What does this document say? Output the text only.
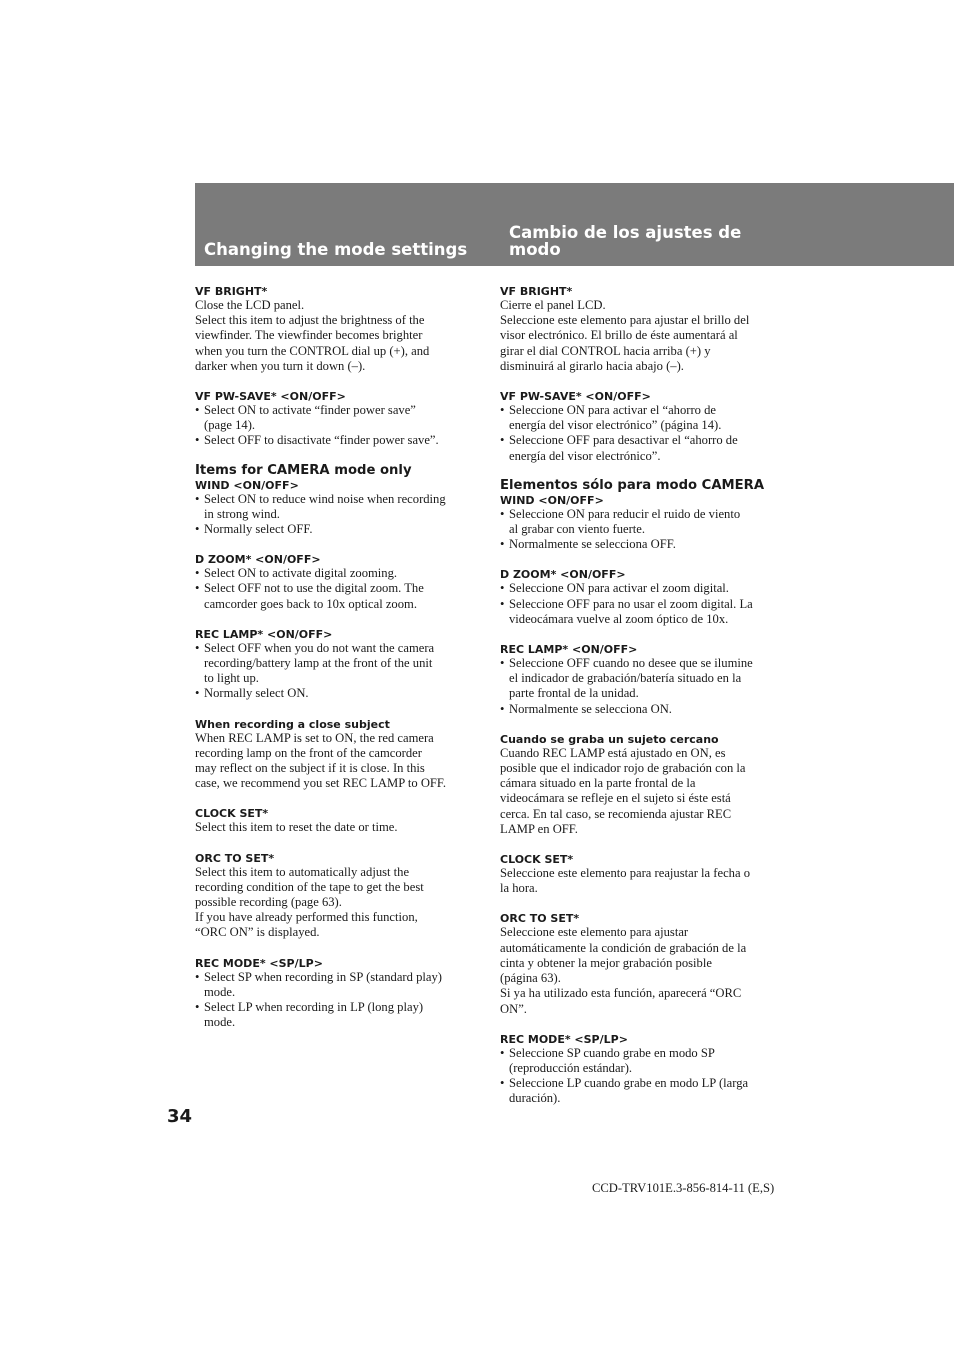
Changing the mode settings
Cambio de los ajustes de
modo

VF BRIGHT*

Close the LCD panel.

Select this item to adjust the brightness of the

viewfinder. The viewfinder becomes brighter

when you turn the CONTROL dial up (+), and

darker when you turn it down (–).

VF PW-SAVE* <ON/OFF>

• Select ON to activate “finder power save”
(page 14).
• Select OFF to disactivate “finder power save”.

Items for CAMERA mode only

WIND <ON/OFF>

• Select ON to reduce wind noise when recording
in strong wind.
• Normally select OFF.

D ZOOM* <ON/OFF>

• Select ON to activate digital zooming.
• Select OFF not to use the digital zoom. The
camcorder goes back to 10x optical zoom.

REC LAMP* <ON/OFF>

• Select OFF when you do not want the camera
recording/battery lamp at the front of the unit
to light up.
• Normally select ON.

When recording a close subject

When REC LAMP is set to ON, the red camera

recording lamp on the front of the camcorder

may reflect on the subject if it is close. In this

case, we recommend you set REC LAMP to OFF.

CLOCK SET*

Select this item to reset the date or time.

ORC TO SET*

Select this item to automatically adjust the

recording condition of the tape to get the best

possible recording (page 63).

If you have already performed this function,

“ORC ON” is displayed.

REC MODE* <SP/LP>

• Select SP when recording in SP (standard play)
mode.
• Select LP when recording in LP (long play)
mode.

VF BRIGHT*

Cierre el panel LCD.

Seleccione este elemento para ajustar el brillo del

visor electrónico. El brillo de éste aumentará al

girar el dial CONTROL hacia arriba (+) y

disminuirá al girarlo hacia abajo (–).

VF PW-SAVE* <ON/OFF>

• Seleccione ON para activar el “ahorro de
energía del visor electrónico” (página 14).
• Seleccione OFF para desactivar el “ahorro de
energía del visor electrónico”.

Elementos sólo para modo CAMERA

WIND <ON/OFF>

• Seleccione ON para reducir el ruido de viento
al grabar con viento fuerte.
• Normalmente se selecciona OFF.

D ZOOM* <ON/OFF>

• Seleccione ON para activar el zoom digital.
• Seleccione OFF para no usar el zoom digital. La
videocámara vuelve al zoom óptico de 10x.

REC LAMP* <ON/OFF>

• Seleccione OFF cuando no desee que se ilumine
el indicador de grabación/batería situado en la
parte frontal de la unidad.
• Normalmente se selecciona ON.

Cuando se graba un sujeto cercano

Cuando REC LAMP está ajustado en ON, es

posible que el indicador rojo de grabación con la

cámara situado en la parte frontal de la

videocámara se refleje en el sujeto si éste está

cerca. En tal caso, se recomienda ajustar REC

LAMP en OFF.

CLOCK SET*

Seleccione este elemento para reajustar la fecha o

la hora.

ORC TO SET*

Seleccione este elemento para ajustar

automáticamente la condición de grabación de la

cinta y obtener la mejor grabación posible

(página 63).

Si ya ha utilizado esta función, aparecerá “ORC

ON”.

REC MODE* <SP/LP>

• Seleccione SP cuando grabe en modo SP
(reproducción estándar).
• Seleccione LP cuando grabe en modo LP (larga
duración).
34
CCD-TRV101E.3-856-814-11 (E,S)
